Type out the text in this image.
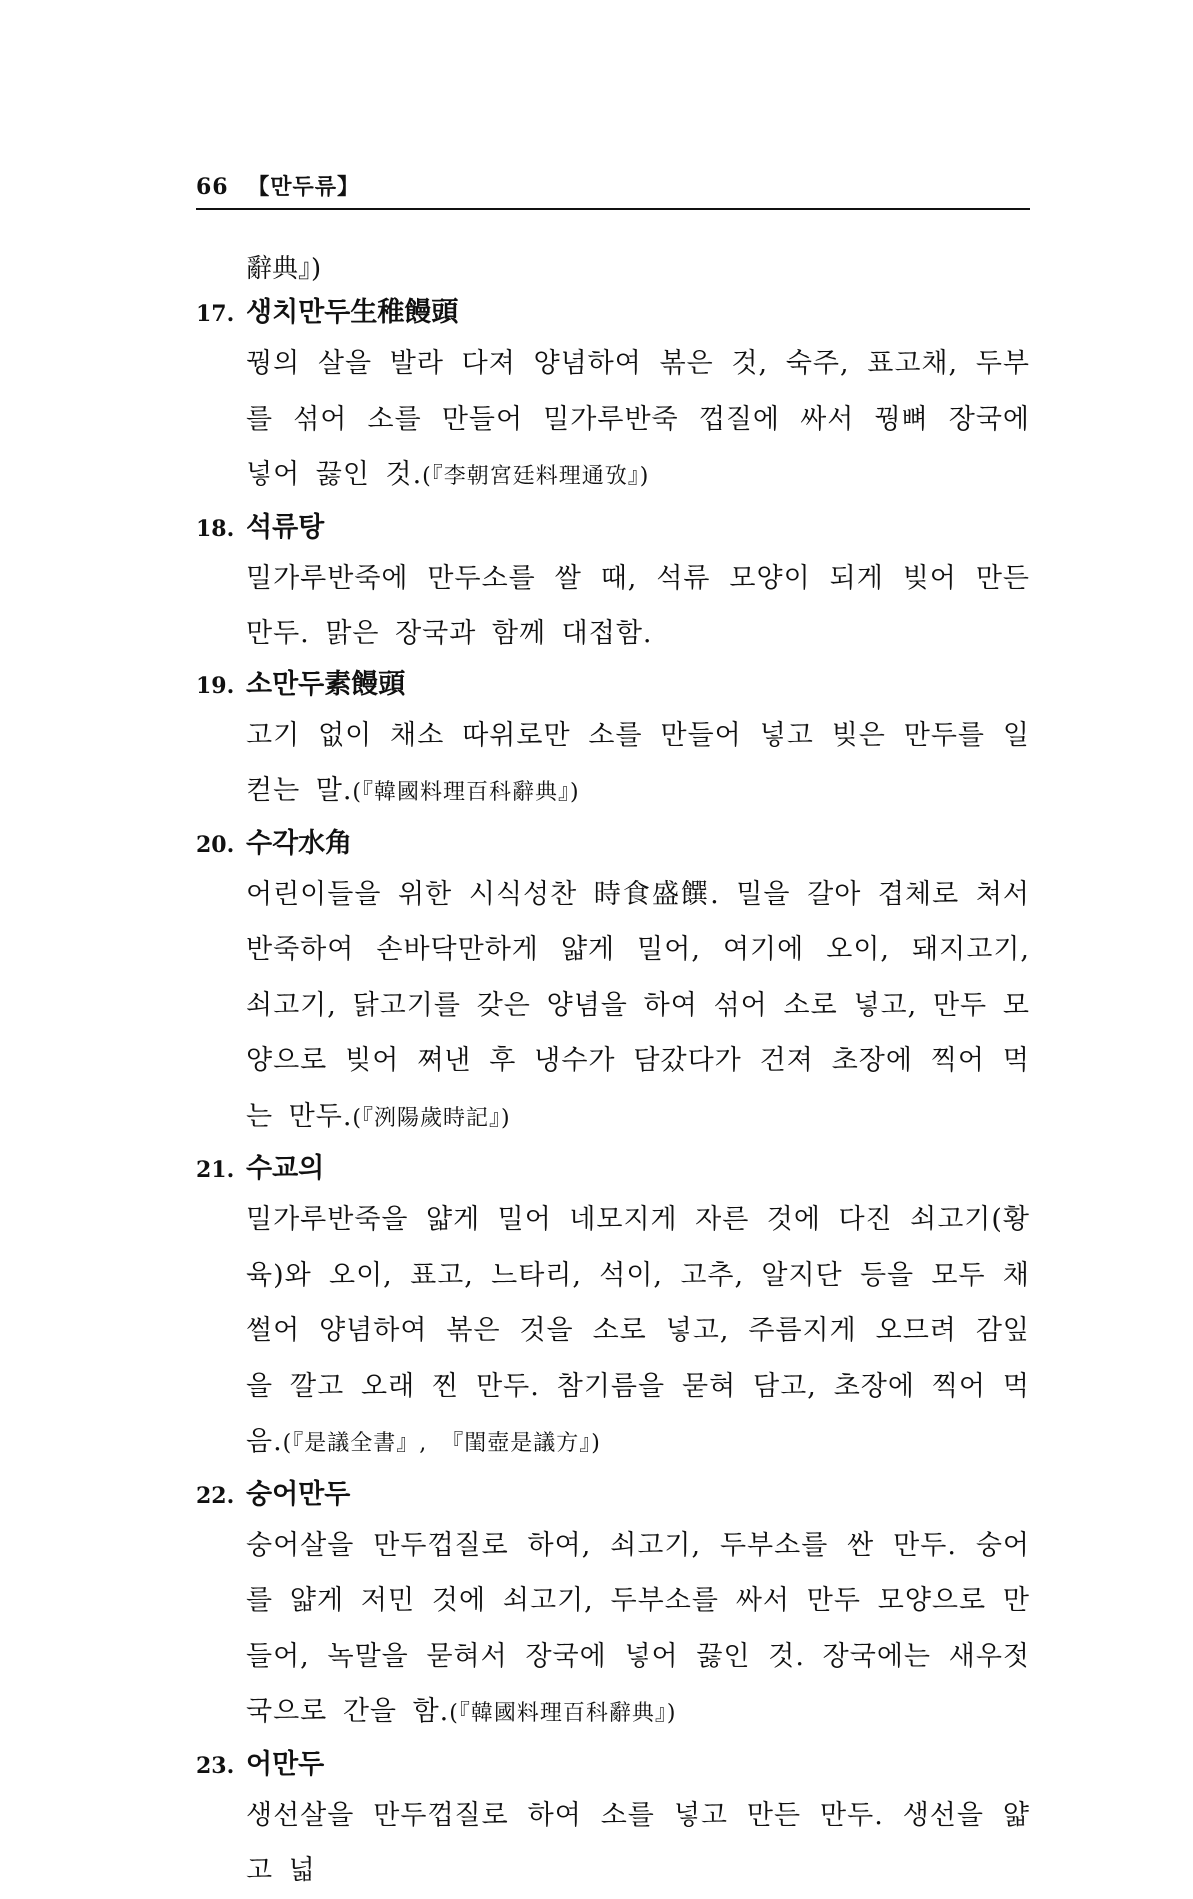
66 【만두류】
辭典』)
17. 생치만두生稚饅頭
꿩의 살을 발라 다져 양념하여 볶은 것, 숙주, 표고채, 두부를 섞어 소를 만들어 밀가루반죽 껍질에 싸서 꿩뼈 장국에 넣어 끓인 것.(『李朝宮廷料理通攷』)
18. 석류탕
밀가루반죽에 만두소를 쌀 때, 석류 모양이 되게 빚어 만든 만두. 맑은 장국과 함께 대접함.
19. 소만두素饅頭
고기 없이 채소 따위로만 소를 만들어 넣고 빚은 만두를 일컫는 말.(『韓國料理百科辭典』)
20. 수각水角
어린이들을 위한 시식성찬 時食盛饌. 밀을 갈아 겹체로 쳐서 반죽하여 손바닥만하게 얇게 밀어, 여기에 오이, 돼지고기, 쇠고기, 닭고기를 갖은 양념을 하여 섞어 소로 넣고, 만두 모양으로 빚어 쪄낸 후 냉수가 담갔다가 건져 초장에 찍어 먹는 만두.(『洌陽歲時記』)
21. 수교의
밀가루반죽을 얇게 밀어 네모지게 자른 것에 다진 쇠고기(황육)와 오이, 표고, 느타리, 석이, 고추, 알지단 등을 모두 채 썰어 양념하여 볶은 것을 소로 넣고, 주름지게 오므려 감잎을 깔고 오래 찐 만두. 참기름을 묻혀 담고, 초장에 찍어 먹음.(『是議全書』, 『閨壺是議方』)
22. 숭어만두
숭어살을 만두껍질로 하여, 쇠고기, 두부소를 싼 만두. 숭어를 얇게 저민 것에 쇠고기, 두부소를 싸서 만두 모양으로 만들어, 녹말을 묻혀서 장국에 넣어 끓인 것. 장국에는 새우젓국으로 간을 함.(『韓國料理百科辭典』)
23. 어만두
생선살을 만두껍질로 하여 소를 넣고 만든 만두. 생선을 얇고 넓
